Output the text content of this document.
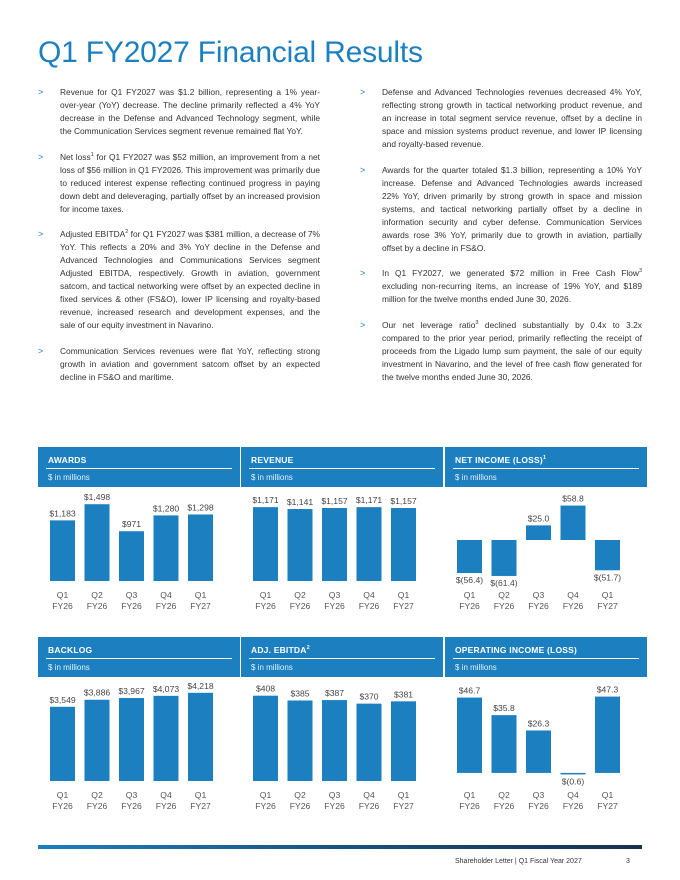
Q1 FY2027 Financial Results
> Revenue for Q1 FY2027 was $1.2 billion, representing a 1% year-over-year (YoY) decrease. The decline primarily reflected a 4% YoY decrease in the Defense and Advanced Technology segment, while the Communication Services segment revenue remained flat YoY.
> Net loss$^1$ for Q1 FY2027 was $52 million, an improvement from a net loss of $56 million in Q1 FY2026. This improvement was primarily due to reduced interest expense reflecting continued progress in paying down debt and deleveraging, partially offset by an increased provision for income taxes.
> Adjusted EBITDA$^2$ for Q1 FY2027 was $381 million, a decrease of 7% YoY. This reflects a 20% and 3% YoY decline in the Defense and Advanced Technologies and Communications Services segment Adjusted EBITDA, respectively. Growth in aviation, government satcom, and tactical networking were offset by an expected decline in fixed services & other (FS&O), lower IP licensing and royalty-based revenue, increased research and development expenses, and the sale of our equity investment in Navarino.
> Communication Services revenues were flat YoY, reflecting strong growth in aviation and government satcom offset by an expected decline in FS&O and maritime.
> Defense and Advanced Technologies revenues decreased 4% YoY, reflecting strong growth in tactical networking product revenue, and an increase in total segment service revenue, offset by a decline in space and mission systems product revenue, and lower IP licensing and royalty-based revenue.
> Awards for the quarter totaled $1.3 billion, representing a 10% YoY increase. Defense and Advanced Technologies awards increased 22% YoY, driven primarily by strong growth in space and mission systems, and tactical networking partially offset by a decline in information security and cyber defense. Communication Services awards rose 3% YoY, primarily due to growth in aviation, partially offset by a decline in FS&O.
> In Q1 FY2027, we generated $72 million in Free Cash Flow$^3$ excluding non-recurring items, an increase of 19% YoY, and $189 million for the twelve months ended June 30, 2026.
> Our net leverage ratio$^3$ declined substantially by 0.4x to 3.2x compared to the prior year period, primarily reflecting the receipt of proceeds from the Ligado lump sum payment, the sale of our equity investment in Navarino, and the level of free cash flow generated for the twelve months ended June 30, 2026.
AWARDS
$ in millions
$1,183
Q1
FY26
$1,498
Q2
FY26
$971
Q3
FY26
$1,280
Q4
FY26
$1,298
Q1
FY27
REVENUE
$ in millions
$1,171
Q1
FY26
$1,141
Q2
FY26
$1,157
Q3
FY26
$1,171
Q4
FY26
$1,157
Q1
FY27
NET INCOME (LOSS)$^1$
$ in millions
$(56.4)
Q1
FY26
$(61.4)
Q2
FY26
$25.0
Q3
FY26
$58.8
Q4
FY26
$(51.7)
Q1
FY27
BACKLOG
$ in millions
$3,549
Q1
FY26
$3,886
Q2
FY26
$3,967
Q3
FY26
$4,073
Q4
FY26
$4,218
Q1
FY27
ADJ. EBITDA$^2$
$ in millions
$408
Q1
FY26
$385
Q2
FY26
$387
Q3
FY26
$370
Q4
FY26
$381
Q1
FY27
OPERATING INCOME (LOSS)
$ in millions
$46.7
Q1
FY26
$35.8
Q2
FY26
$26.3
Q3
FY26
$(0.6)
Q4
FY26
$47.3
Q1
FY27
Shareholder Letter | Q1 Fiscal Year 2027	3
